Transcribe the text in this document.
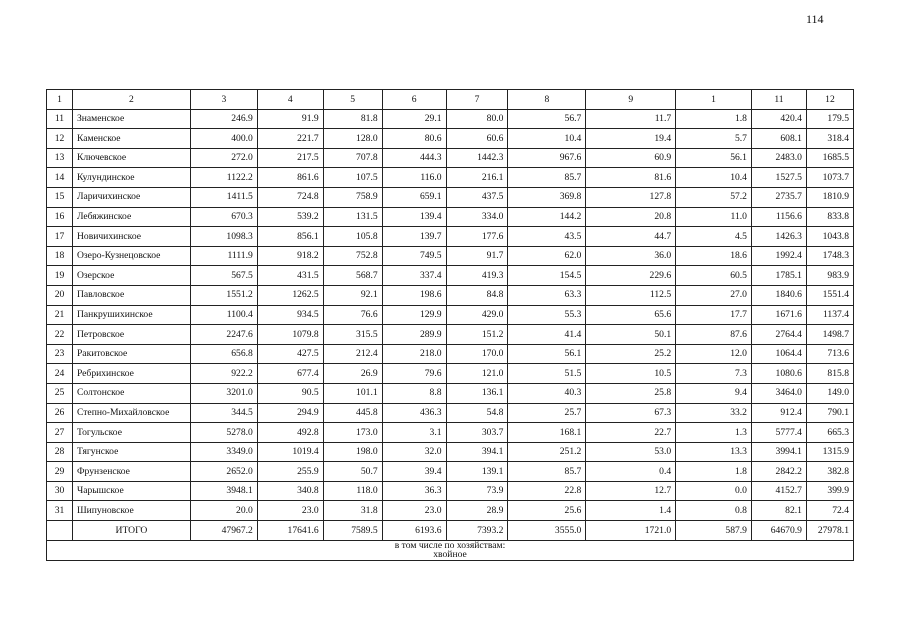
114
1	2	3	4	5	6	7	8	9	1	11	12
11	Знаменское	246.9	91.9	81.8	29.1	80.0	56.7	11.7	1.8	420.4	179.5
12	Каменское	400.0	221.7	128.0	80.6	60.6	10.4	19.4	5.7	608.1	318.4
13	Ключевское	272.0	217.5	707.8	444.3	1442.3	967.6	60.9	56.1	2483.0	1685.5
14	Кулундинское	1122.2	861.6	107.5	116.0	216.1	85.7	81.6	10.4	1527.5	1073.7
15	Ларичихинское	1411.5	724.8	758.9	659.1	437.5	369.8	127.8	57.2	2735.7	1810.9
16	Лебяжинское	670.3	539.2	131.5	139.4	334.0	144.2	20.8	11.0	1156.6	833.8
17	Новичихинское	1098.3	856.1	105.8	139.7	177.6	43.5	44.7	4.5	1426.3	1043.8
18	Озеро-Кузнецовское	1111.9	918.2	752.8	749.5	91.7	62.0	36.0	18.6	1992.4	1748.3
19	Озерское	567.5	431.5	568.7	337.4	419.3	154.5	229.6	60.5	1785.1	983.9
20	Павловское	1551.2	1262.5	92.1	198.6	84.8	63.3	112.5	27.0	1840.6	1551.4
21	Панкрушихинское	1100.4	934.5	76.6	129.9	429.0	55.3	65.6	17.7	1671.6	1137.4
22	Петровское	2247.6	1079.8	315.5	289.9	151.2	41.4	50.1	87.6	2764.4	1498.7
23	Ракитовское	656.8	427.5	212.4	218.0	170.0	56.1	25.2	12.0	1064.4	713.6
24	Ребрихинское	922.2	677.4	26.9	79.6	121.0	51.5	10.5	7.3	1080.6	815.8
25	Солтонское	3201.0	90.5	101.1	8.8	136.1	40.3	25.8	9.4	3464.0	149.0
26	Степно-Михайловское	344.5	294.9	445.8	436.3	54.8	25.7	67.3	33.2	912.4	790.1
27	Тогульское	5278.0	492.8	173.0	3.1	303.7	168.1	22.7	1.3	5777.4	665.3
28	Тягунское	3349.0	1019.4	198.0	32.0	394.1	251.2	53.0	13.3	3994.1	1315.9
29	Фрунзенское	2652.0	255.9	50.7	39.4	139.1	85.7	0.4	1.8	2842.2	382.8
30	Чарышское	3948.1	340.8	118.0	36.3	73.9	22.8	12.7	0.0	4152.7	399.9
31	Шипуновское	20.0	23.0	31.8	23.0	28.9	25.6	1.4	0.8	82.1	72.4
	ИТОГО	47967.2	17641.6	7589.5	6193.6	7393.2	3555.0	1721.0	587.9	64670.9	27978.1

в том числе по хозяйствам:
хвойное											
